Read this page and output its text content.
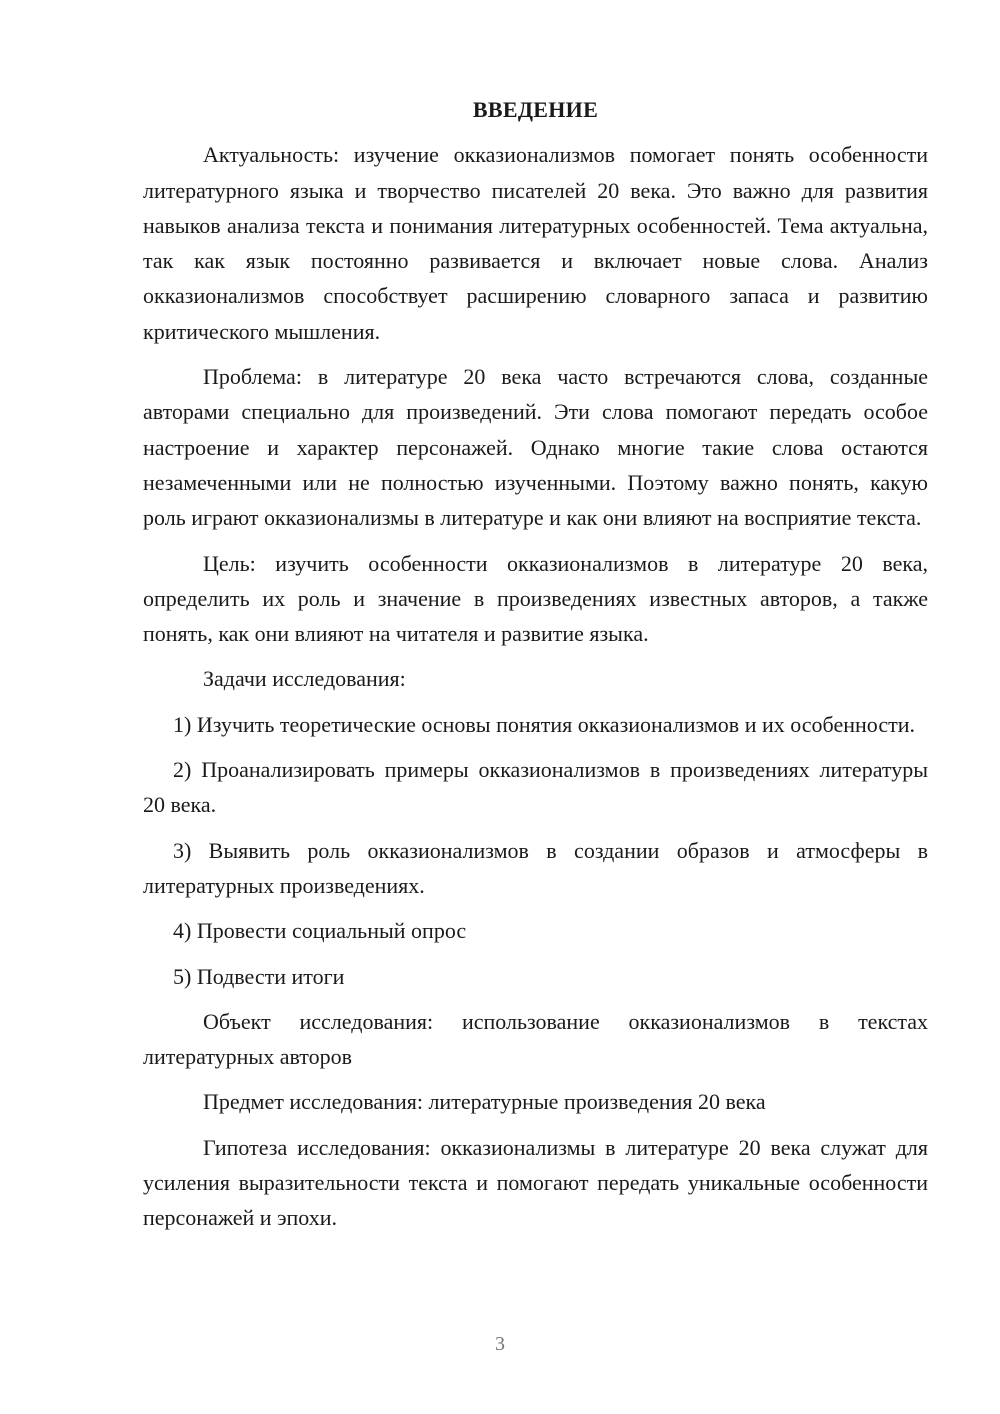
ВВЕДЕНИЕ

Актуальность: изучение окказионализмов помогает понять особенности литературного языка и творчество писателей 20 века. Это важно для развития навыков анализа текста и понимания литературных особенностей. Тема актуальна, так как язык постоянно развивается и включает новые слова. Анализ окказионализмов способствует расширению словарного запаса и развитию критического мышления.

Проблема: в литературе 20 века часто встречаются слова, созданные авторами специально для произведений. Эти слова помогают передать особое настроение и характер персонажей. Однако многие такие слова остаются незамеченными или не полностью изученными. Поэтому важно понять, какую роль играют окказионализмы в литературе и как они влияют на восприятие текста.

Цель: изучить особенности окказионализмов в литературе 20 века, определить их роль и значение в произведениях известных авторов, а также понять, как они влияют на читателя и развитие языка.

Задачи исследования:

1) Изучить теоретические основы понятия окказионализмов и их особенности.

2) Проанализировать примеры окказионализмов в произведениях литературы 20 века.

3) Выявить роль окказионализмов в создании образов и атмосферы в литературных произведениях.

4) Провести социальный опрос

5) Подвести итоги

Объект исследования: использование окказионализмов в текстах литературных авторов

Предмет исследования: литературные произведения 20 века

Гипотеза исследования: окказионализмы в литературе 20 века служат для усиления выразительности текста и помогают передать уникальные особенности персонажей и эпохи.

3
